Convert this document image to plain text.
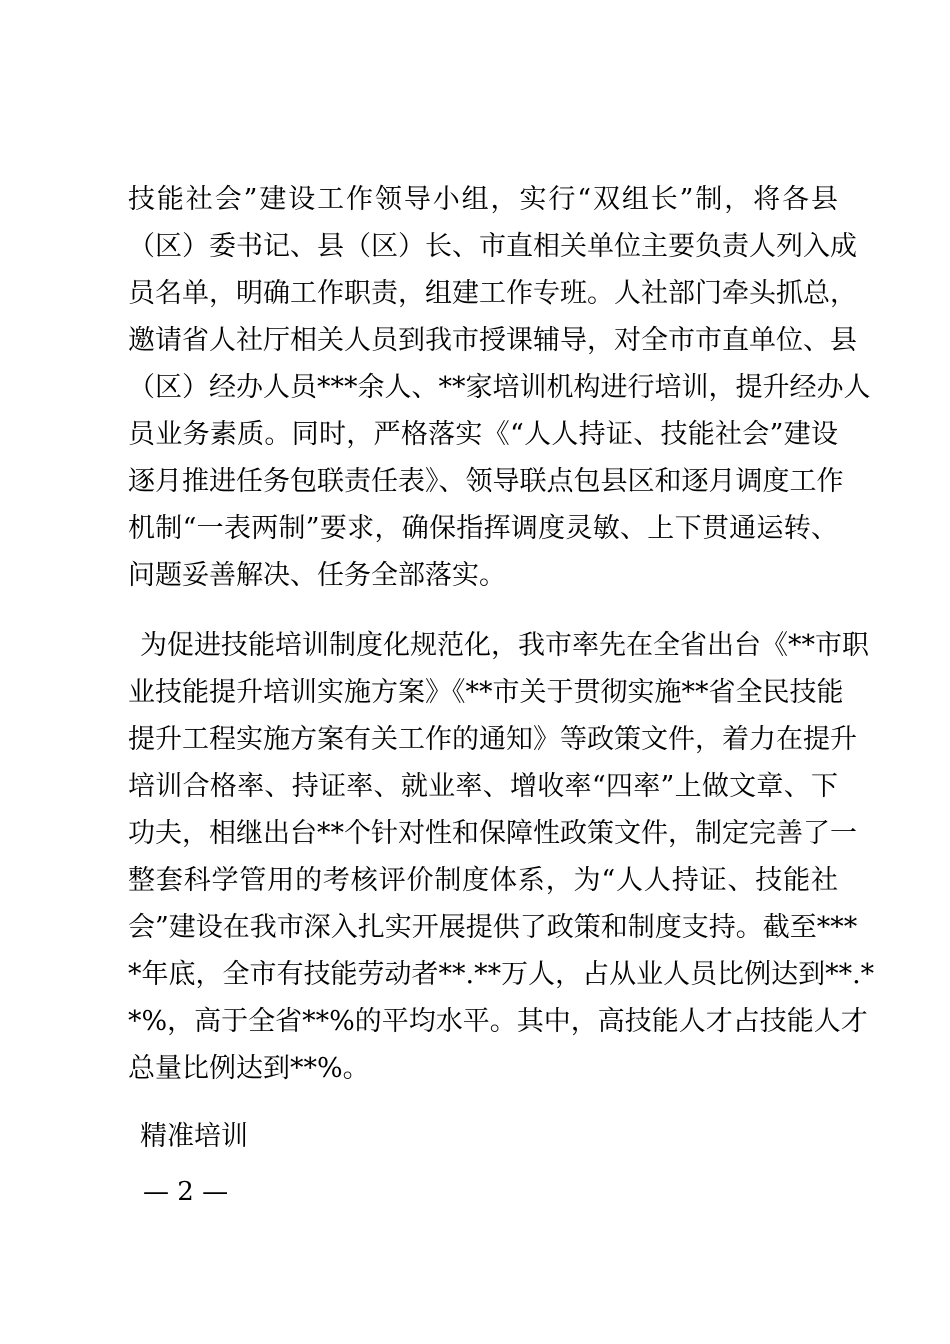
技能社会”建设工作领导小组，实行“双组长”制，将各县
（区）委书记、县（区）长、市直相关单位主要负责人列入成
员名单，明确工作职责，组建工作专班。人社部门牵头抓总，
邀请省人社厅相关人员到我市授课辅导，对全市市直单位、县
（区）经办人员***余人、**家培训机构进行培训，提升经办人
员业务素质。同时，严格落实《“人人持证、技能社会”建设
逐月推进任务包联责任表》、领导联点包县区和逐月调度工作
机制“一表两制”要求，确保指挥调度灵敏、上下贯通运转、
问题妥善解决、任务全部落实。
为促进技能培训制度化规范化，我市率先在全省出台《**市职
业技能提升培训实施方案》《**市关于贯彻实施**省全民技能
提升工程实施方案有关工作的通知》等政策文件，着力在提升
培训合格率、持证率、就业率、增收率“四率”上做文章、下
功夫，相继出台**个针对性和保障性政策文件，制定完善了一
整套科学管用的考核评价制度体系，为“人人持证、技能社
会”建设在我市深入扎实开展提供了政策和制度支持。截至***
*年底，全市有技能劳动者**.**万人，占从业人员比例达到**.*
*%，高于全省**%的平均水平。其中，高技能人才占技能人才
总量比例达到**%。
精准培训
— 2 —
